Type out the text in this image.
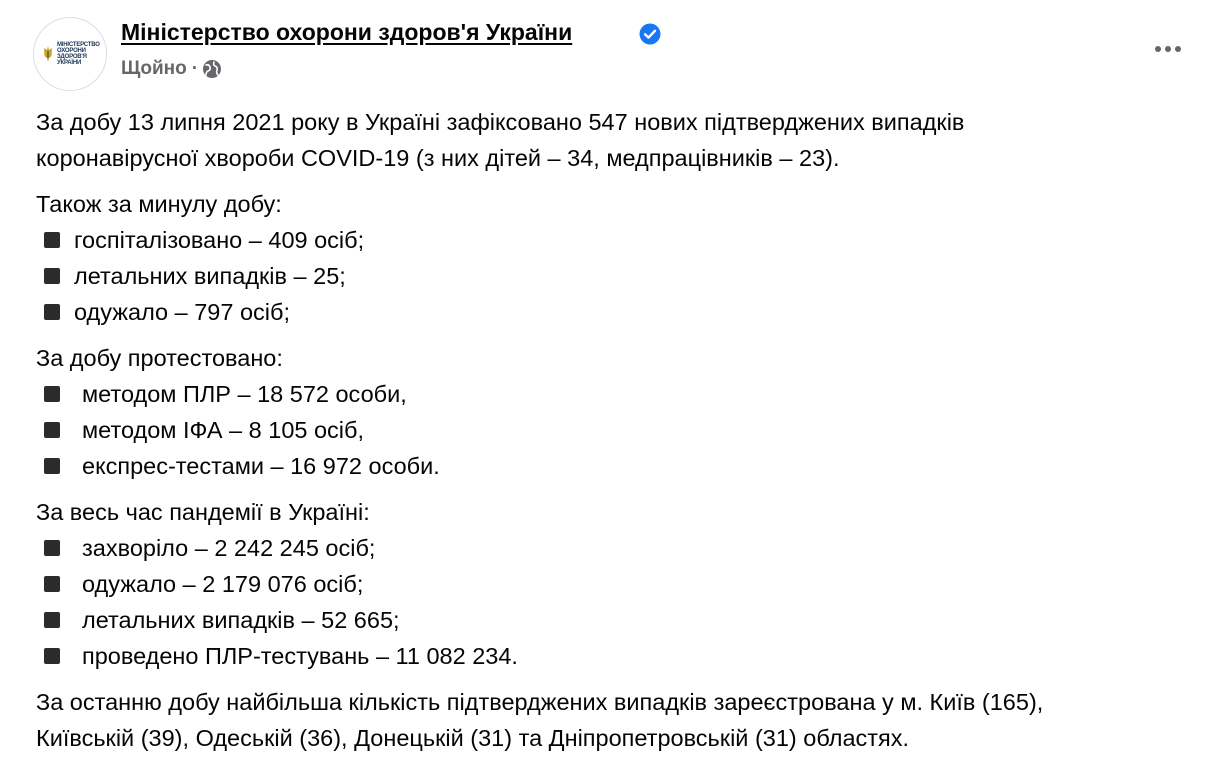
МІНІСТЕРСТВО
ОХОРОНИ
ЗДОРОВ'Я
УКРАЇНИ
Міністерство охорони здоров'я України
Щойно ·

За добу 13 липня 2021 року в Україні зафіксовано 547 нових підтверджених випадків
коронавірусної хвороби COVID-19 (з них дітей – 34, медпрацівників – 23).

Також за минулу добу:

госпіталізовано – 409 осіб;
летальних випадків – 25;
одужало – 797 осіб;

За добу протестовано:

методом ПЛР – 18 572 особи,
методом ІФА – 8 105 осіб,
експрес-тестами – 16 972 особи.

За весь час пандемії в Україні:

захворіло – 2 242 245 осіб;
одужало – 2 179 076 осіб;
летальних випадків – 52 665;
проведено ПЛР-тестувань – 11 082 234.

За останню добу найбільша кількість підтверджених випадків зареєстрована у м. Київ (165),
Київській (39), Одеській (36), Донецькій (31) та Дніпропетровській (31) областях.
